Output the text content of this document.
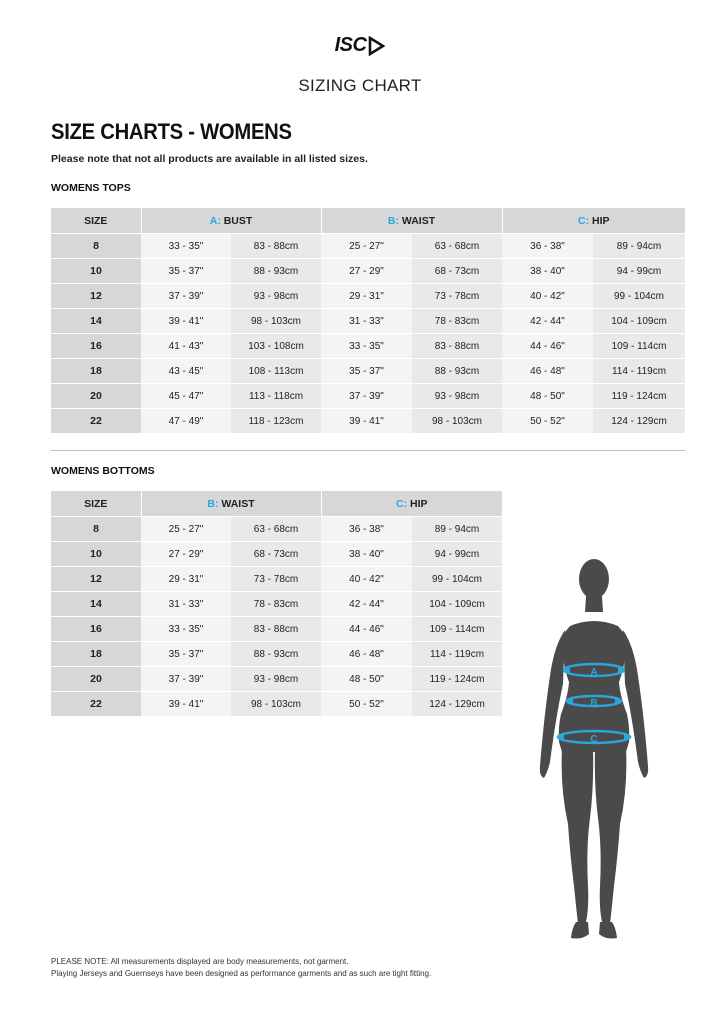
ISC
SIZING CHART
SIZE CHARTS - WOMENS
Please note that not all products are available in all listed sizes.
WOMENS TOPS
SIZE	A: BUST		B: WAIST		C: HIP	
8	33 - 35"	83 - 88cm	25 - 27"	63 - 68cm	36 - 38"	89 - 94cm
10	35 - 37"	88 - 93cm	27 - 29"	68 - 73cm	38 - 40"	94 - 99cm
12	37 - 39"	93 - 98cm	29 - 31"	73 - 78cm	40 - 42"	99 - 104cm
14	39 - 41"	98 - 103cm	31 - 33"	78 - 83cm	42 - 44"	104 - 109cm
16	41 - 43"	103 - 108cm	33 - 35"	83 - 88cm	44 - 46"	109 - 114cm
18	43 - 45"	108 - 113cm	35 - 37"	88 - 93cm	46 - 48"	114 - 119cm
20	45 - 47"	113 - 118cm	37 - 39"	93 - 98cm	48 - 50"	119 - 124cm
22	47 - 49"	118 - 123cm	39 - 41"	98 - 103cm	50 - 52"	124 - 129cm
WOMENS BOTTOMS
SIZE	B: WAIST		C: HIP	
8	25 - 27"	63 - 68cm	36 - 38"	89 - 94cm
10	27 - 29"	68 - 73cm	38 - 40"	94 - 99cm
12	29 - 31"	73 - 78cm	40 - 42"	99 - 104cm
14	31 - 33"	78 - 83cm	42 - 44"	104 - 109cm
16	33 - 35"	83 - 88cm	44 - 46"	109 - 114cm
18	35 - 37"	88 - 93cm	46 - 48"	114 - 119cm
20	37 - 39"	93 - 98cm	48 - 50"	119 - 124cm
22	39 - 41"	98 - 103cm	50 - 52"	124 - 129cm
A
B
C
PLEASE NOTE: All measurements displayed are body measurements, not garment.
Playing Jerseys and Guernseys have been designed as performance garments and as such are tight fitting.
